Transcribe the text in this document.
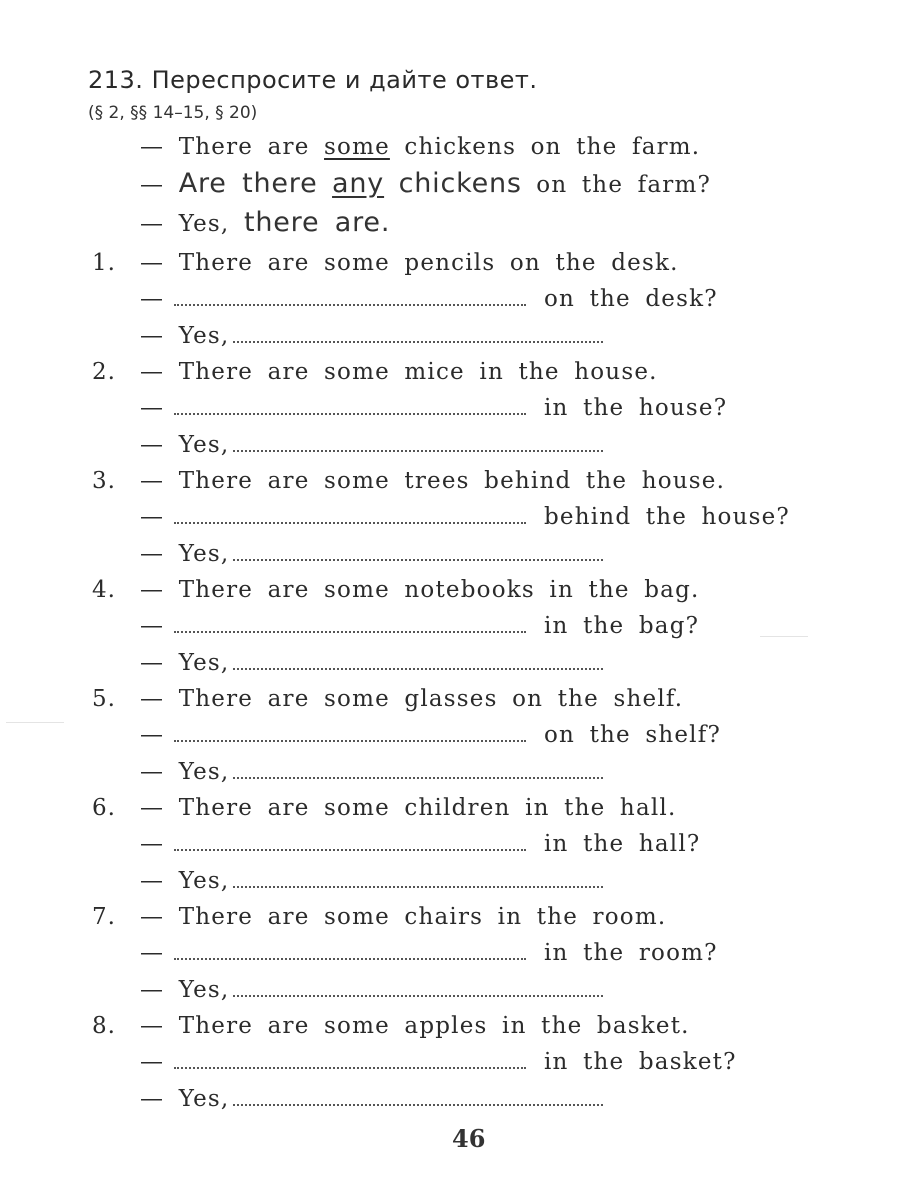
213. Переспросите и дайте ответ.
(§ 2, §§ 14–15, § 20)
— There are some chickens on the farm.
— Are there any chickens on the farm?
— Yes, there are.
1. — There are some pencils on the desk.
—	on the desk?
— Yes,
2. — There are some mice in the house.
—	in the house?
— Yes,
3. — There are some trees behind the house.
—	behind the house?
— Yes,
4. — There are some notebooks in the bag.
—	in the bag?
— Yes,
5. — There are some glasses on the shelf.
—	on the shelf?
— Yes,
6. — There are some children in the hall.
—	in the hall?
— Yes,
7. — There are some chairs in the room.
—	in the room?
— Yes,
8. — There are some apples in the basket.
—	in the basket?
— Yes,
46
